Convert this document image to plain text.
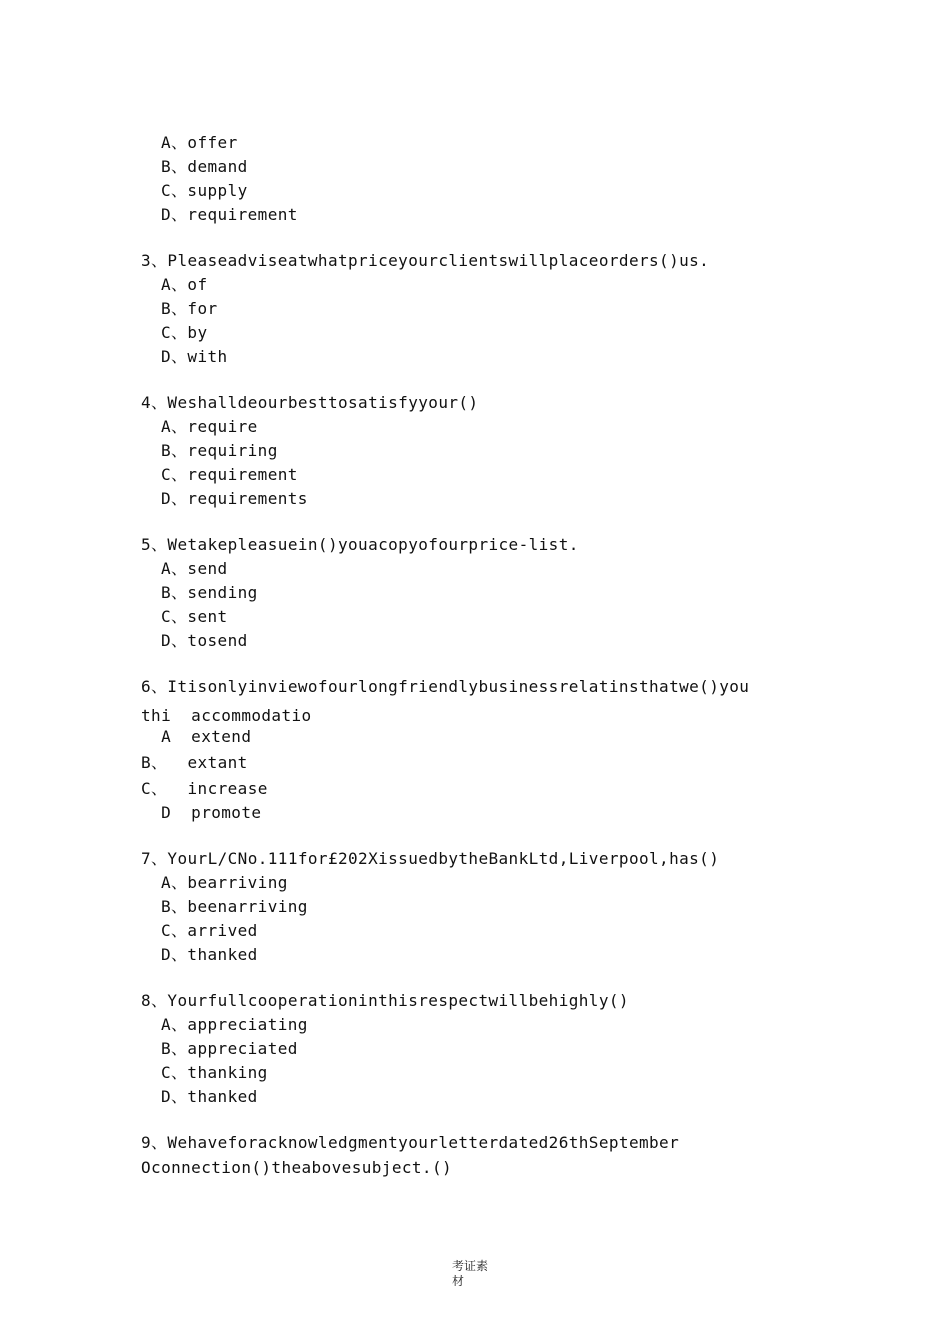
A、offer
B、demand
C、supply
D、requirement
3、Pleaseadviseatwhatpriceyourclientswillplaceorders()us.
A、of
B、for
C、by
D、with
4、Weshalldeourbesttosatisfyyour()
A、require
B、requiring
C、requirement
D、requirements
5、Wetakepleasuein()youacopyofourprice-list.
A、send
B、sending
C、sent
D、tosend
6、Itisonlyinviewofourlongfriendlybusinessrelatinsthatwe()you
thi  accommodatio
A  extend
B、  extant
C、  increase
D  promote
7、YourL/CNo.111for£202XissuedbytheBankLtd,Liverpool,has()
A、bearriving
B、beenarriving
C、arrived
D、thanked
8、Yourfullcooperationinthisrespectwillbehighly()
A、appreciating
B、appreciated
C、thanking
D、thanked
9、Wehaveforacknowledgmentyourletterdated26thSeptember
Oconnection()theabovesubject.()
考证素
材
